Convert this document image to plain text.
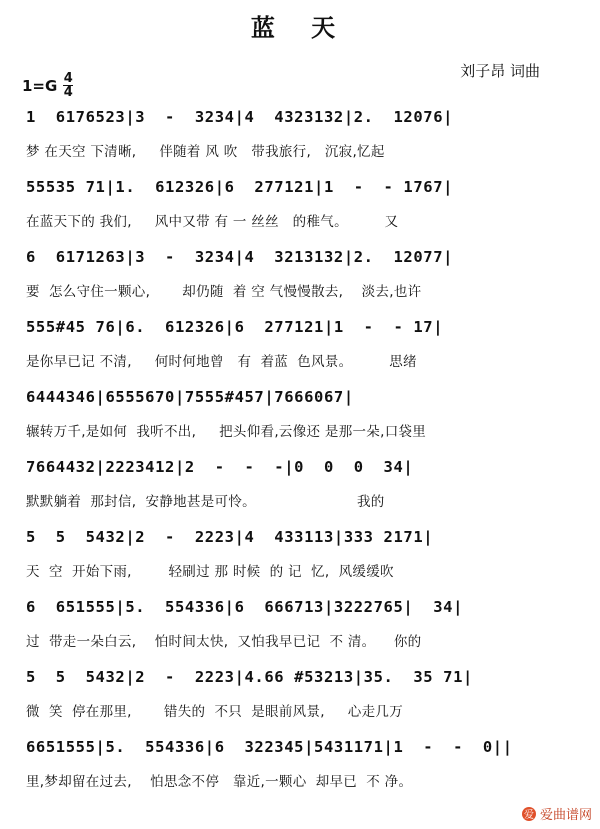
蓝 天
刘子昂 词曲
$1=G \frac{4}{4}$
1  6176523|3  -  3234|4  4323132|2.  12076|
梦 在天空 下清晰,     伴随着 风 吹   带我旅行,   沉寂,忆起
55535 71|1.  612326|6  277121|1  -  - 1767|
在蓝天下的 我们,     风中又带 有 一 丝丝   的稚气。        又
6  6171263|3  -  3234|4  3213132|2.  12077|
要  怎么守住一颗心,       却仍随  着 空 气慢慢散去,    淡去,也许
555#45 76|6.  612326|6  277121|1  -  - 17|
是你早已记 不清,     何时何地曾   有  着蓝  色风景。        思绪
6444346|6555670|7555#457|7666067|
辗转万千,是如何  我听不出,     把头仰看,云像还 是那一朵,口袋里
7664432|2223412|2  -  -  -|0  0  0  34|
默默躺着  那封信,  安静地甚是可怜。                      我的
5  5  5432|2  -  2223|4  433113|333 2171|
天  空  开始下雨,        轻刷过 那 时候  的 记  忆,  风缓缓吹
6  651555|5.  554336|6  666713|3222765|  34|
过  带走一朵白云,    怕时间太快,  又怕我早已记  不 清。    你的
5  5  5432|2  -  2223|4.66 #53213|35.  35 71|
微  笑  停在那里,       错失的  不只  是眼前风景,     心走几万
6651555|5.  554336|6  322345|5431171|1  -  -  0||
里,梦却留在过去,    怕思念不停   靠近,一颗心  却早已  不 净。
爱 爱曲谱网
